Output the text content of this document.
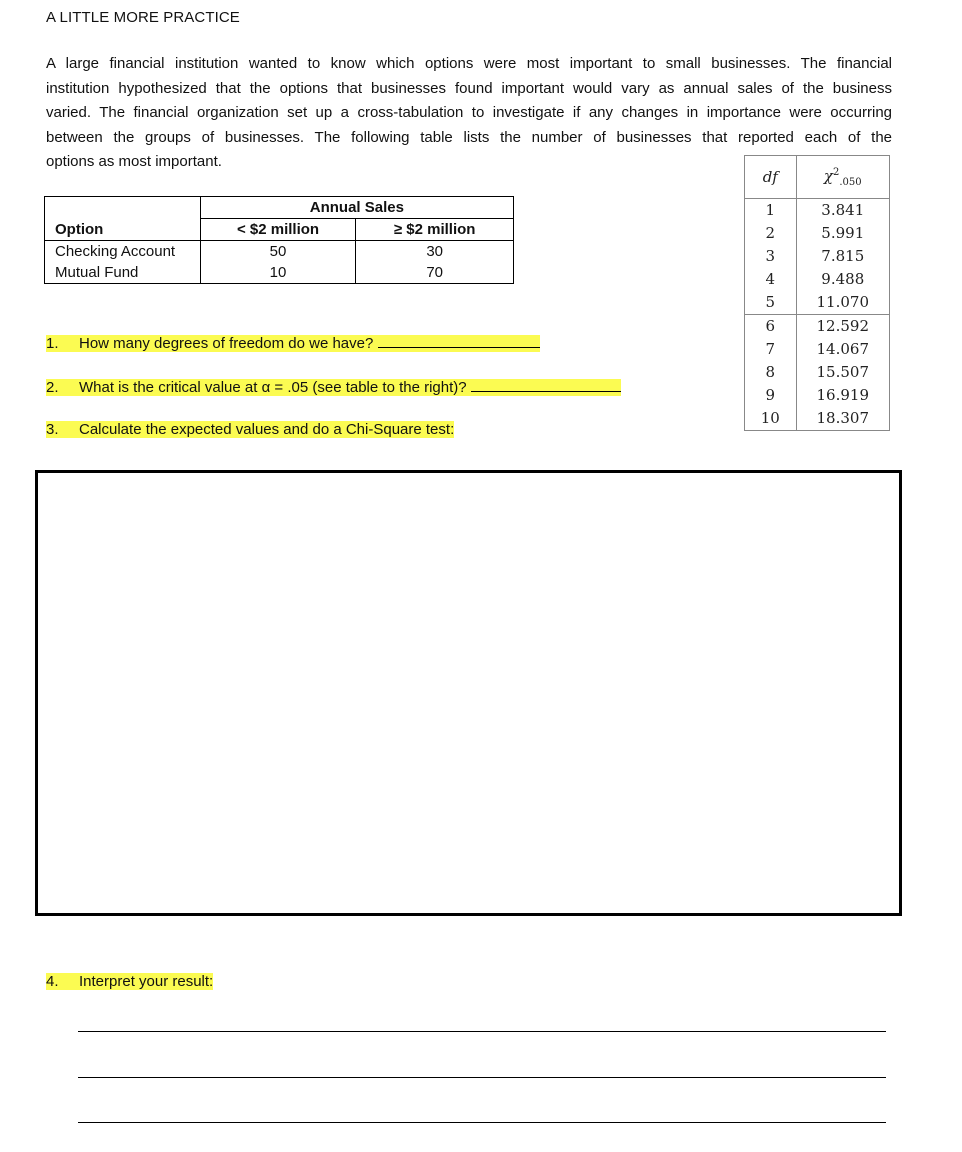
A LITTLE MORE PRACTICE
A large financial institution wanted to know which options were most important to small businesses. The financial
institution hypothesized that the options that businesses found important would vary as annual sales of the business
varied. The financial organization set up a cross-tabulation to investigate if any changes in importance were occurring
between the groups of businesses. The following table lists the number of businesses that reported each of the
options as most important.
	Annual Sales	
Option	< $2 million	≥ $2 million
Checking Account	50	30
Mutual Fund	10	70
df	$\chi^2_{.050}$
1	3.841
2	5.991
3	7.815
4	9.488
5	11.070
6	12.592
7	14.067
8	15.507
9	16.919
10	18.307
1. How many degrees of freedom do we have?
2. What is the critical value at α = .05 (see table to the right)?
3. Calculate the expected values and do a Chi-Square test:
4. Interpret your result:
